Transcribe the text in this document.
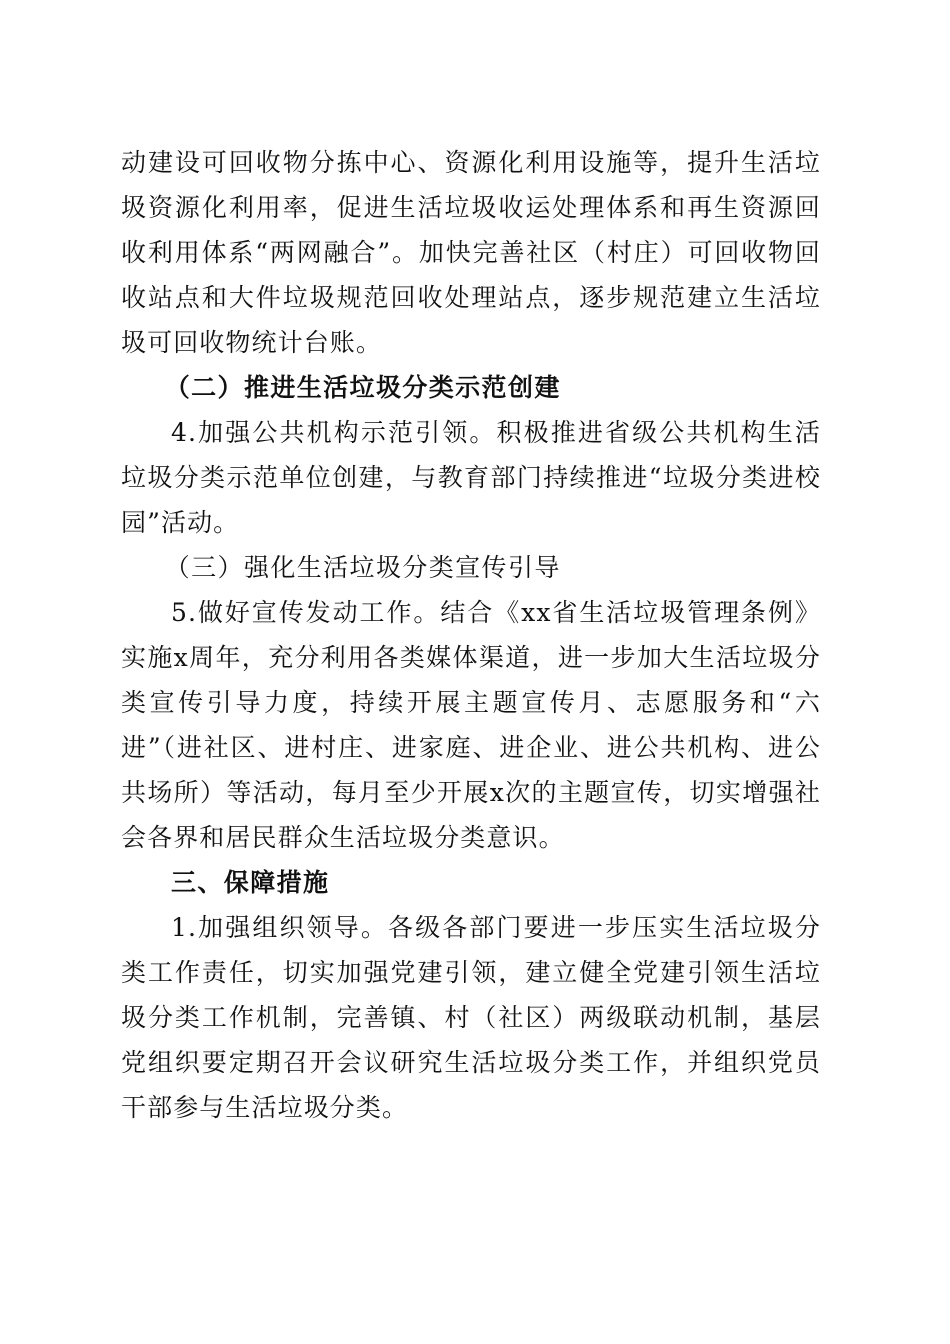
动建设可回收物分拣中心、资源化利用设施等，提升生活垃圾资源化利用率，促进生活垃圾收运处理体系和再生资源回收利用体系“两网融合”。加快完善社区（村庄）可回收物回收站点和大件垃圾规范回收处理站点，逐步规范建立生活垃圾可回收物统计台账。

（二）推进生活垃圾分类示范创建

4.加强公共机构示范引领。积极推进省级公共机构生活垃圾分类示范单位创建，与教育部门持续推进“垃圾分类进校园”活动。

（三）强化生活垃圾分类宣传引导

5.做好宣传发动工作。结合《xx省生活垃圾管理条例》实施x周年，充分利用各类媒体渠道，进一步加大生活垃圾分类宣传引导力度，持续开展主题宣传月、志愿服务和“六进”（进社区、进村庄、进家庭、进企业、进公共机构、进公共场所）等活动，每月至少开展x次的主题宣传，切实增强社会各界和居民群众生活垃圾分类意识。

三、保障措施

1.加强组织领导。各级各部门要进一步压实生活垃圾分类工作责任，切实加强党建引领，建立健全党建引领生活垃圾分类工作机制，完善镇、村（社区）两级联动机制，基层党组织要定期召开会议研究生活垃圾分类工作，并组织党员干部参与生活垃圾分类。
